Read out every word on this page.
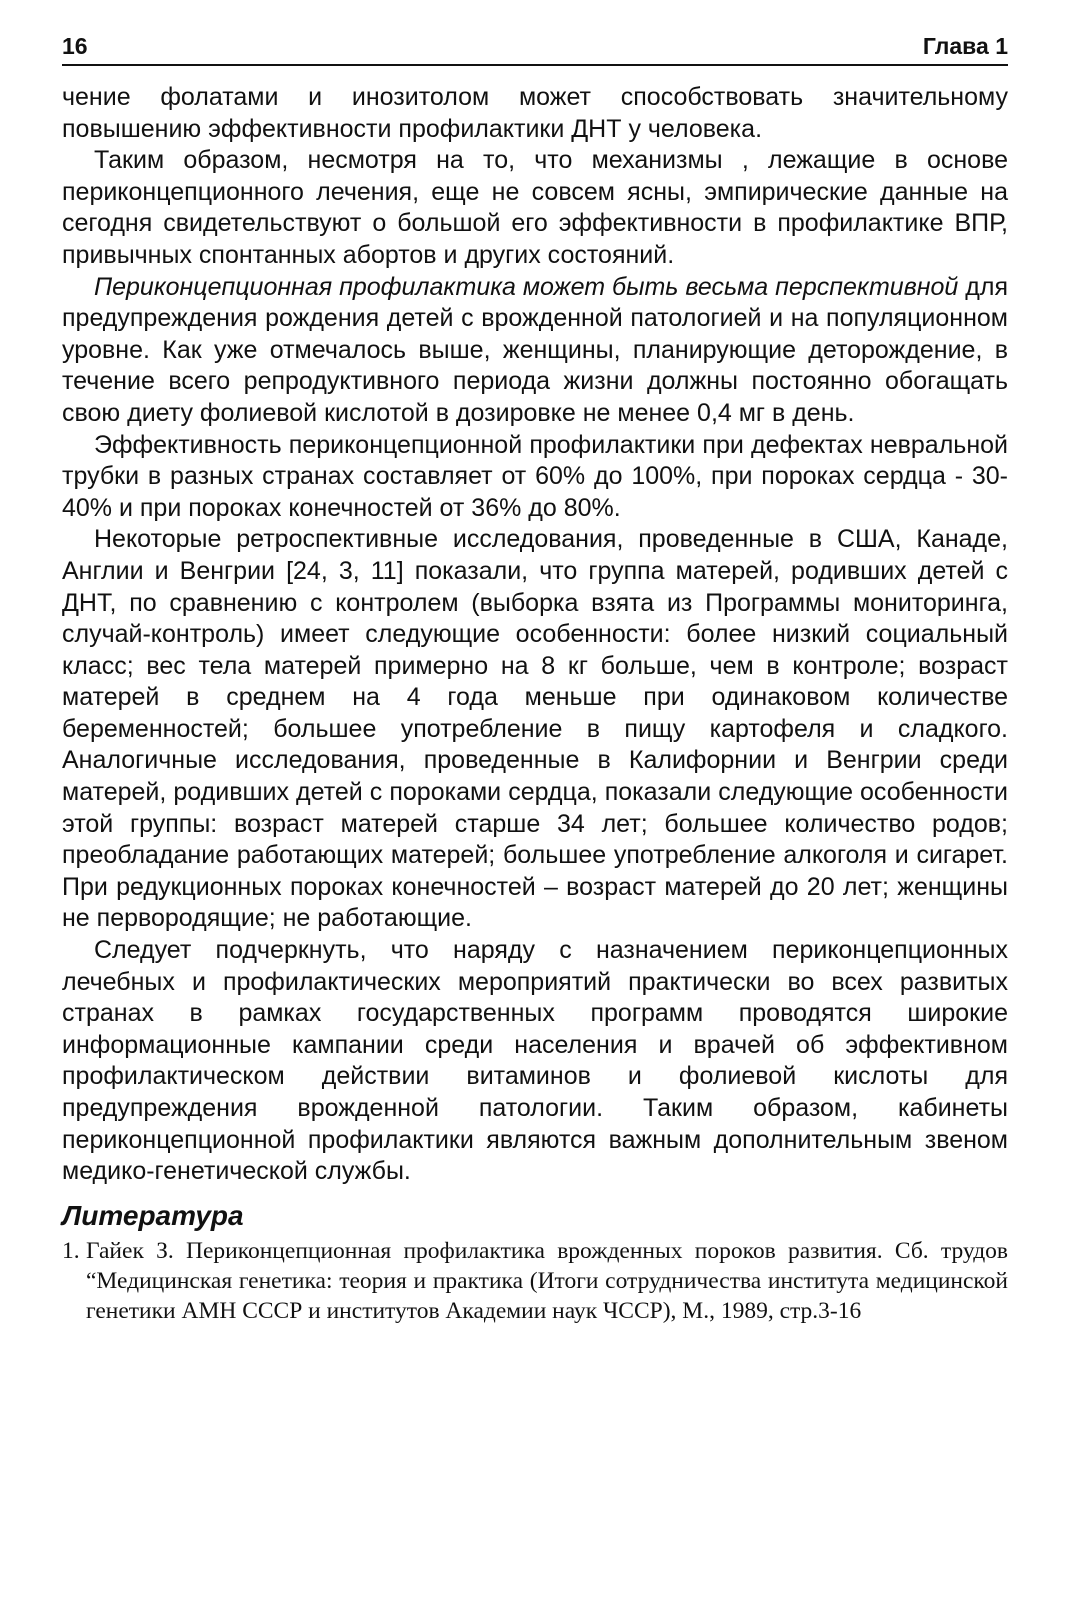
16	Глава 1

чение фолатами и инозитолом может способствовать значительному повышению эффективности профилактики ДНТ у человека.

Таким образом, несмотря на то, что механизмы , лежащие в основе периконцепционного лечения, еще не совсем ясны, эмпирические данные на сегодня свидетельствуют о большой его эффективности в профилактике ВПР, привычных спонтанных абортов и других состояний.

Периконцепционная профилактика может быть весьма перспективной для предупреждения рождения детей с врожденной патологией и на популяционном уровне. Как уже отмечалось выше, женщины, планирующие деторождение, в течение всего репродуктивного периода жизни должны постоянно обогащать свою диету фолиевой кислотой в дозировке не менее 0,4 мг в день.

Эффективность периконцепционной профилактики при дефектах невральной трубки в разных странах составляет от 60% до 100%, при пороках сердца - 30-40% и при пороках конечностей от 36% до 80%.

Некоторые ретроспективные исследования, проведенные в США, Канаде, Англии и Венгрии [24, 3, 11] показали, что группа матерей, родивших детей с ДНТ, по сравнению с контролем (выборка взята из Программы мониторинга, случай-контроль) имеет следующие особенности: более низкий социальный класс; вес тела матерей примерно на 8 кг больше, чем в контроле; возраст матерей в среднем на 4 года меньше при одинаковом количестве беременностей; большее употребление в пищу картофеля и сладкого. Аналогичные исследования, проведенные в Калифорнии и Венгрии среди матерей, родивших детей с пороками сердца, показали следующие особенности этой группы: возраст матерей старше 34 лет; большее количество родов; преобладание работающих матерей; большее употребление алкоголя и сигарет. При редукционных пороках конечностей – возраст матерей до 20 лет; женщины не первородящие; не работающие.

Следует подчеркнуть, что наряду с назначением периконцепционных лечебных и профилактических мероприятий практически во всех развитых странах в рамках государственных программ проводятся широкие информационные кампании среди населения и врачей об эффективном профилактическом действии витаминов и фолиевой кислоты для предупреждения врожденной патологии. Таким образом, кабинеты периконцепционной профилактики являются важным дополнительным звеном медико-генетической службы.

Литература
1. Гайек З. Периконцепционная профилактика врожденных пороков развития. Сб. трудов “Медицинская генетика: теория и практика (Итоги сотрудничества института медицинской генетики АМН СССР и институтов Академии наук ЧССР), М., 1989, стр.3-16
